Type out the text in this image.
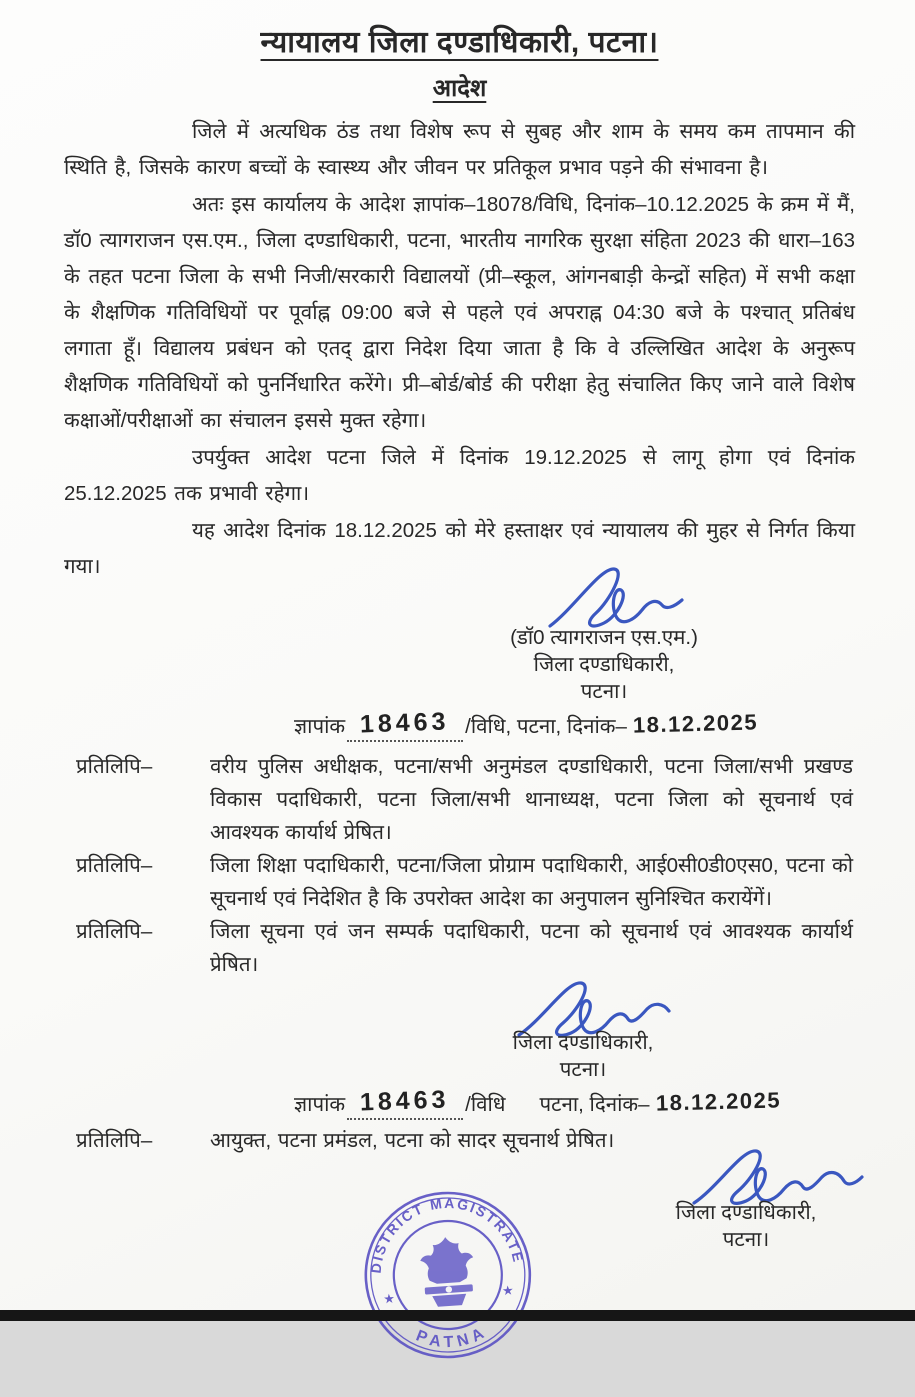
न्यायालय जिला दण्डाधिकारी, पटना।
आदेश

जिले में अत्यधिक ठंड तथा विशेष रूप से सुबह और शाम के समय कम तापमान की स्थिति है, जिसके कारण बच्चों के स्वास्थ्य और जीवन पर प्रतिकूल प्रभाव पड़ने की संभावना है।

अतः इस कार्यालय के आदेश ज्ञापांक–18078/विधि, दिनांक–10.12.2025 के क्रम में मैं, डॉ0 त्यागराजन एस.एम., जिला दण्डाधिकारी, पटना, भारतीय नागरिक सुरक्षा संहिता 2023 की धारा–163 के तहत पटना जिला के सभी निजी/सरकारी विद्यालयों (प्री–स्कूल, आंगनबाड़ी केन्द्रों सहित) में सभी कक्षा के शैक्षणिक गतिविधियों पर पूर्वाह्न 09:00 बजे से पहले एवं अपराह्न 04:30 बजे के पश्चात् प्रतिबंध लगाता हूँ। विद्यालय प्रबंधन को एतद् द्वारा निदेश दिया जाता है कि वे उल्लिखित आदेश के अनुरूप शैक्षणिक गतिविधियों को पुनर्निधारित करेंगे। प्री–बोर्ड/बोर्ड की परीक्षा हेतु संचालित किए जाने वाले विशेष कक्षाओं/परीक्षाओं का संचालन इससे मुक्त रहेगा।

उपर्युक्त आदेश पटना जिले में दिनांक 19.12.2025 से लागू होगा एवं दिनांक 25.12.2025 तक प्रभावी रहेगा।

यह आदेश दिनांक 18.12.2025 को मेरे हस्ताक्षर एवं न्यायालय की मुहर से निर्गत किया गया।

(डॉ0 त्यागराजन एस.एम.)
जिला दण्डाधिकारी,
पटना।
ज्ञापांक 18463 /विधि, पटना, दिनांक– 18.12.2025
प्रतिलिपि–	वरीय पुलिस अधीक्षक, पटना/सभी अनुमंडल दण्डाधिकारी, पटना जिला/सभी प्रखण्ड विकास पदाधिकारी, पटना जिला/सभी थानाध्यक्ष, पटना जिला को सूचनार्थ एवं आवश्यक कार्यार्थ प्रेषित।
प्रतिलिपि–	जिला शिक्षा पदाधिकारी, पटना/जिला प्रोग्राम पदाधिकारी, आई0सी0डी0एस0, पटना को सूचनार्थ एवं निदेशित है कि उपरोक्त आदेश का अनुपालन सुनिश्चित करायेंगें।
प्रतिलिपि–	जिला सूचना एवं जन सम्पर्क पदाधिकारी, पटना को सूचनार्थ एवं आवश्यक कार्यार्थ प्रेषित।
जिला दण्डाधिकारी,
पटना।
ज्ञापांक 18463 /विधि पटना, दिनांक– 18.12.2025
प्रतिलिपि–	आयुक्त, पटना प्रमंडल, पटना को सादर सूचनार्थ प्रेषित।
DISTRICT MAGISTRATE
PATNA
★
★
जिला दण्डाधिकारी,
पटना।
